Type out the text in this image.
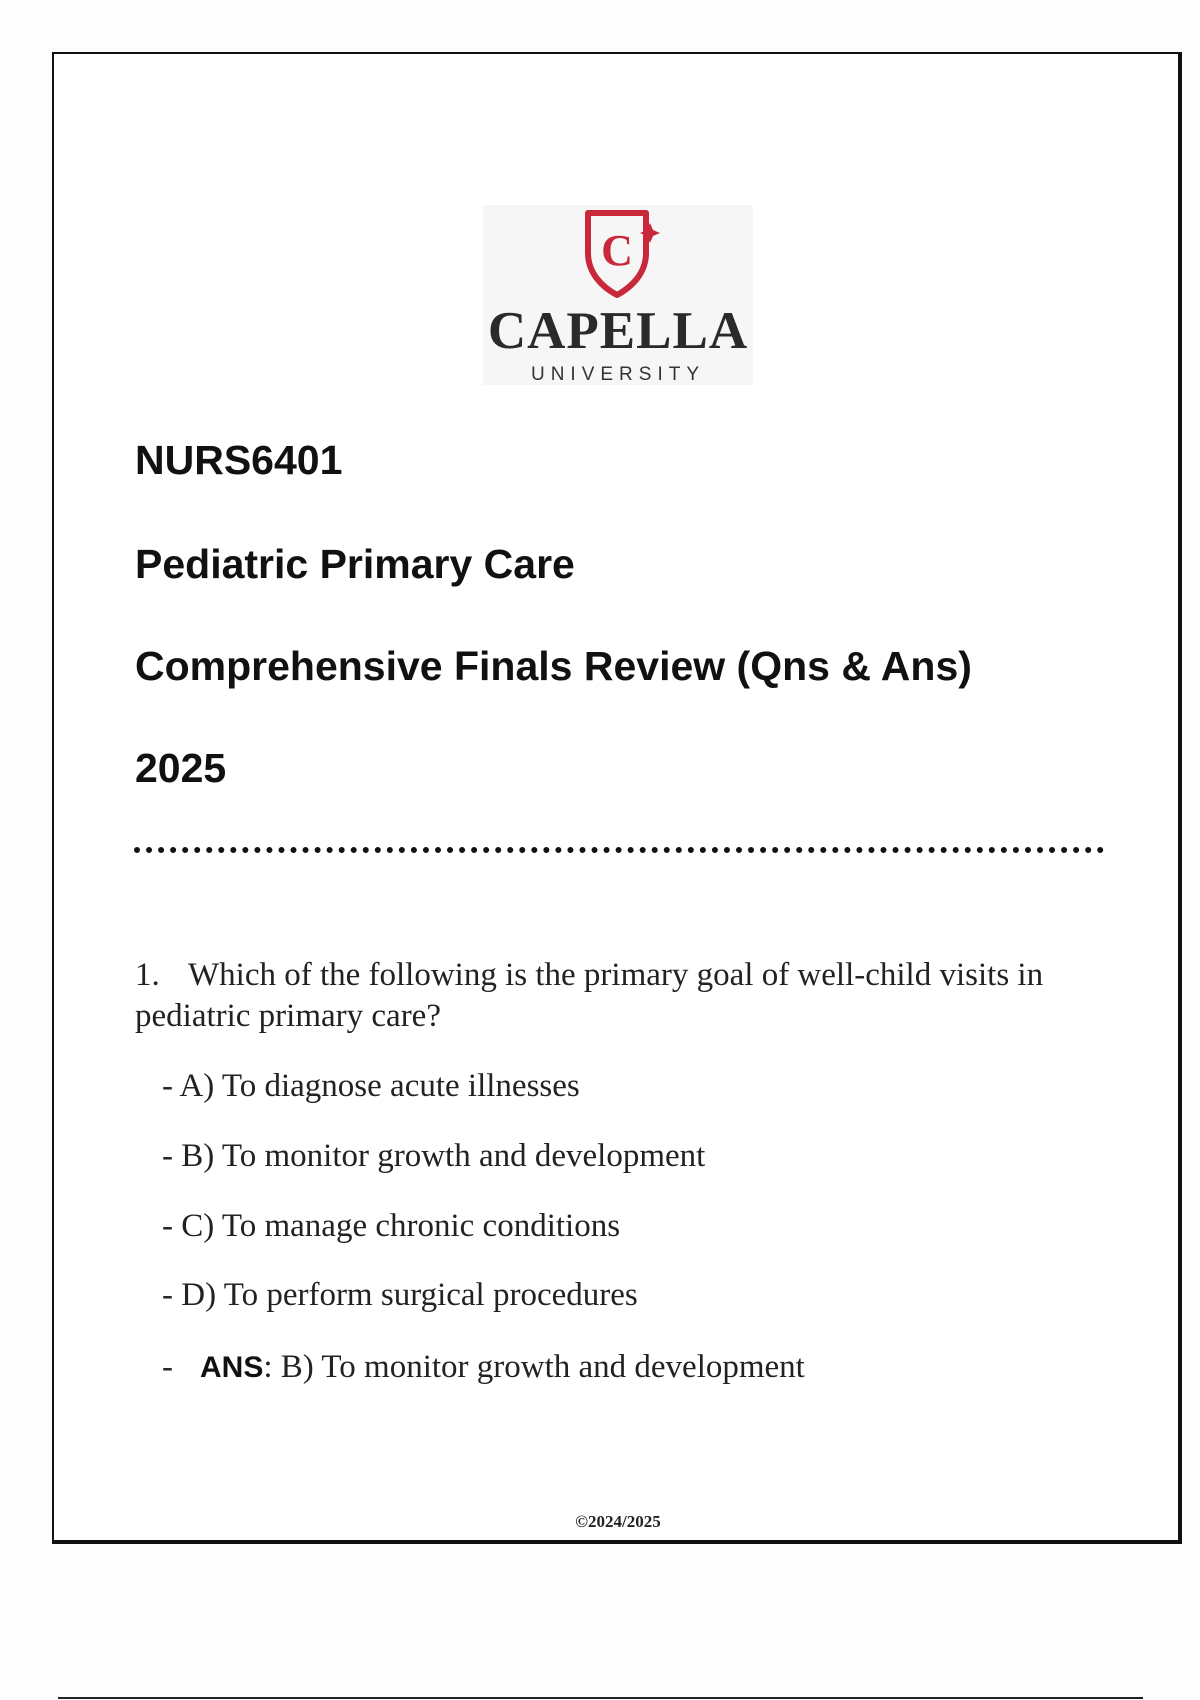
C
CAPELLA
UNIVERSITY
NURS6401
Pediatric Primary Care
Comprehensive Finals Review (Qns & Ans)
2025
1. Which of the following is the primary goal of well-child visits in pediatric primary care?
- A) To diagnose acute illnesses
- B) To monitor growth and development
- C) To manage chronic conditions
- D) To perform surgical procedures
- ANS: B) To monitor growth and development
©2024/2025
